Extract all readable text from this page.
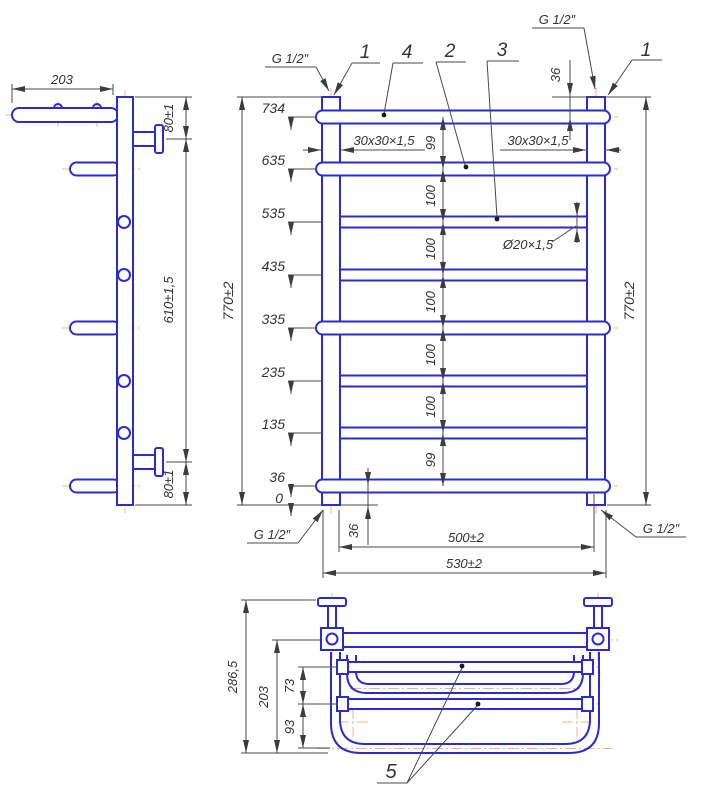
203
80±1
610±1,5
80±1
770±2	770±2
734
635
535
435
335
235
135
36
0
99
100
100
100
100
100
99
30x30×1,5	30x30×1,5
36
36
Ø20×1,5
500±2
530±2
G 1/2″
G 1/2″
G 1/2″	G 1/2″
1 4 2 3	1
286,5
203
73
93
5
